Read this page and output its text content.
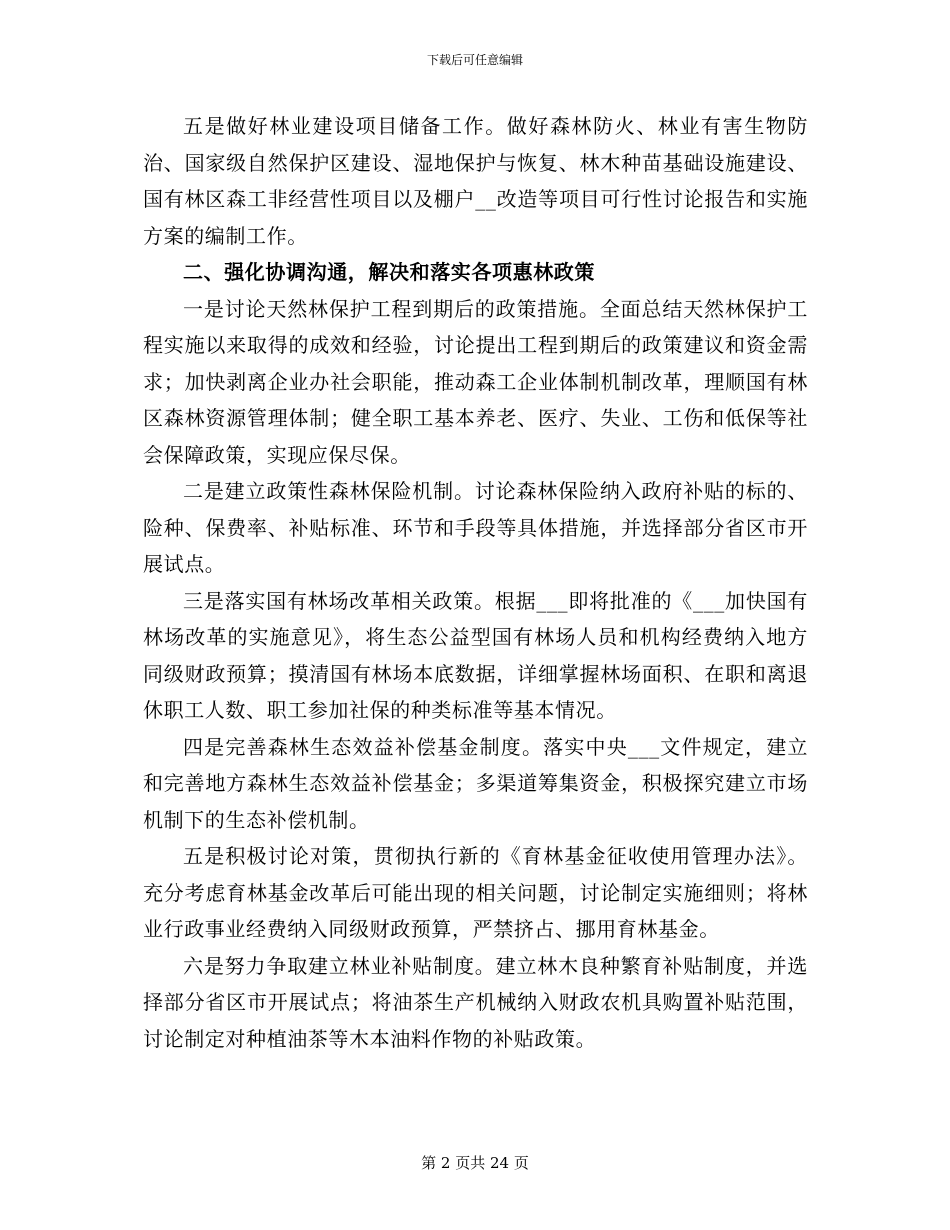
下载后可任意编辑

五是做好林业建设项目储备工作。做好森林防火、林业有害生物防治、国家级自然保护区建设、湿地保护与恢复、林木种苗基础设施建设、国有林区森工非经营性项目以及棚户__改造等项目可行性讨论报告和实施方案的编制工作。

二、强化协调沟通，解决和落实各项惠林政策

一是讨论天然林保护工程到期后的政策措施。全面总结天然林保护工程实施以来取得的成效和经验，讨论提出工程到期后的政策建议和资金需求；加快剥离企业办社会职能，推动森工企业体制机制改革，理顺国有林区森林资源管理体制；健全职工基本养老、医疗、失业、工伤和低保等社会保障政策，实现应保尽保。

二是建立政策性森林保险机制。讨论森林保险纳入政府补贴的标的、险种、保费率、补贴标准、环节和手段等具体措施，并选择部分省区市开展试点。

三是落实国有林场改革相关政策。根据___即将批准的《___加快国有林场改革的实施意见》，将生态公益型国有林场人员和机构经费纳入地方同级财政预算；摸清国有林场本底数据，详细掌握林场面积、在职和离退休职工人数、职工参加社保的种类标准等基本情况。

四是完善森林生态效益补偿基金制度。落实中央___文件规定，建立和完善地方森林生态效益补偿基金；多渠道筹集资金，积极探究建立市场机制下的生态补偿机制。

五是积极讨论对策，贯彻执行新的《育林基金征收使用管理办法》。充分考虑育林基金改革后可能出现的相关问题，讨论制定实施细则；将林业行政事业经费纳入同级财政预算，严禁挤占、挪用育林基金。

六是努力争取建立林业补贴制度。建立林木良种繁育补贴制度，并选择部分省区市开展试点；将油茶生产机械纳入财政农机具购置补贴范围，讨论制定对种植油茶等木本油料作物的补贴政策。

第 2 页共 24 页
